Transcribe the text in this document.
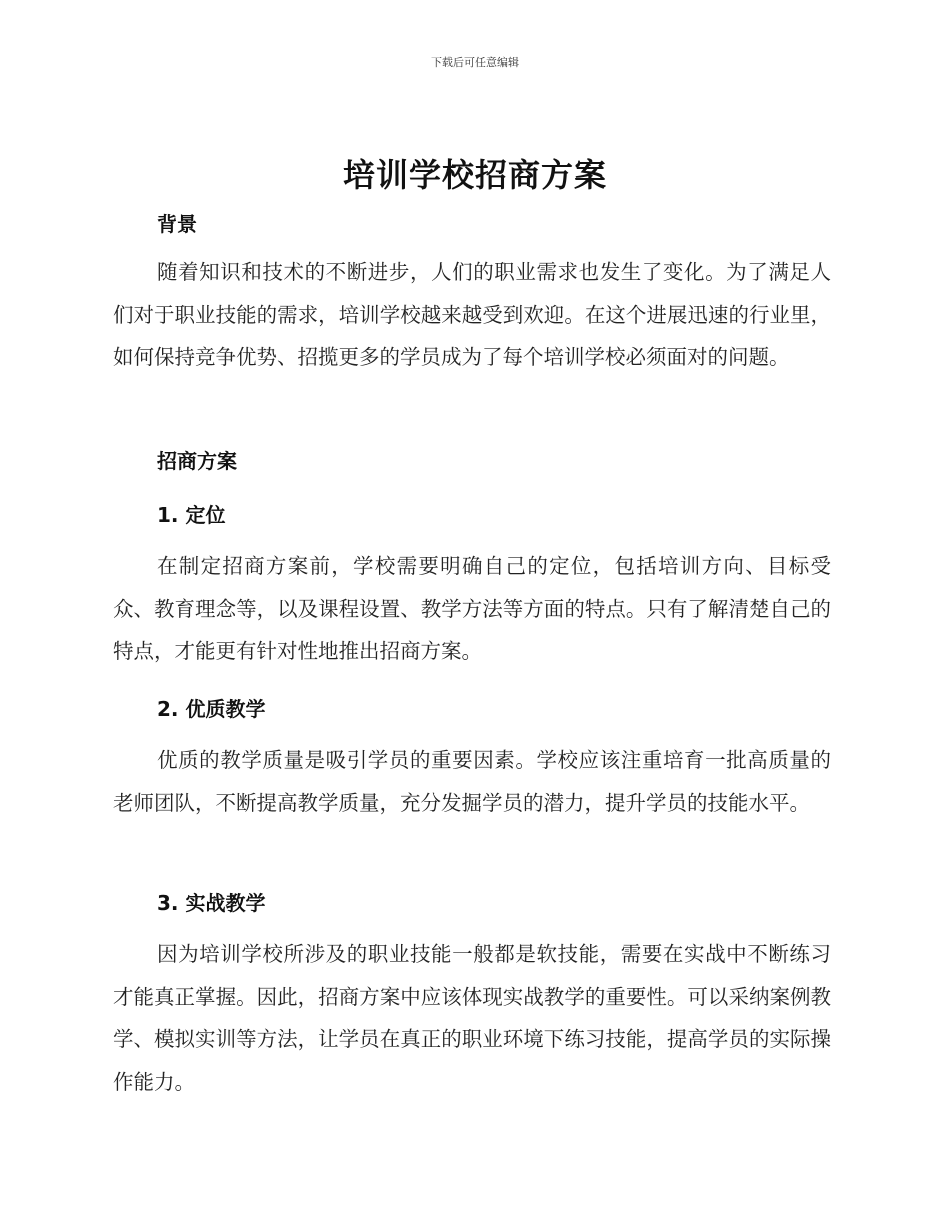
下载后可任意编辑
培训学校招商方案
背景
随着知识和技术的不断进步，人们的职业需求也发生了变化。为了满足人们对于职业技能的需求，培训学校越来越受到欢迎。在这个进展迅速的行业里，如何保持竞争优势、招揽更多的学员成为了每个培训学校必须面对的问题。
招商方案
1. 定位
在制定招商方案前，学校需要明确自己的定位，包括培训方向、目标受众、教育理念等，以及课程设置、教学方法等方面的特点。只有了解清楚自己的特点，才能更有针对性地推出招商方案。
2. 优质教学
优质的教学质量是吸引学员的重要因素。学校应该注重培育一批高质量的老师团队，不断提高教学质量，充分发掘学员的潜力，提升学员的技能水平。
3. 实战教学
因为培训学校所涉及的职业技能一般都是软技能，需要在实战中不断练习才能真正掌握。因此，招商方案中应该体现实战教学的重要性。可以采纳案例教学、模拟实训等方法，让学员在真正的职业环境下练习技能，提高学员的实际操作能力。
